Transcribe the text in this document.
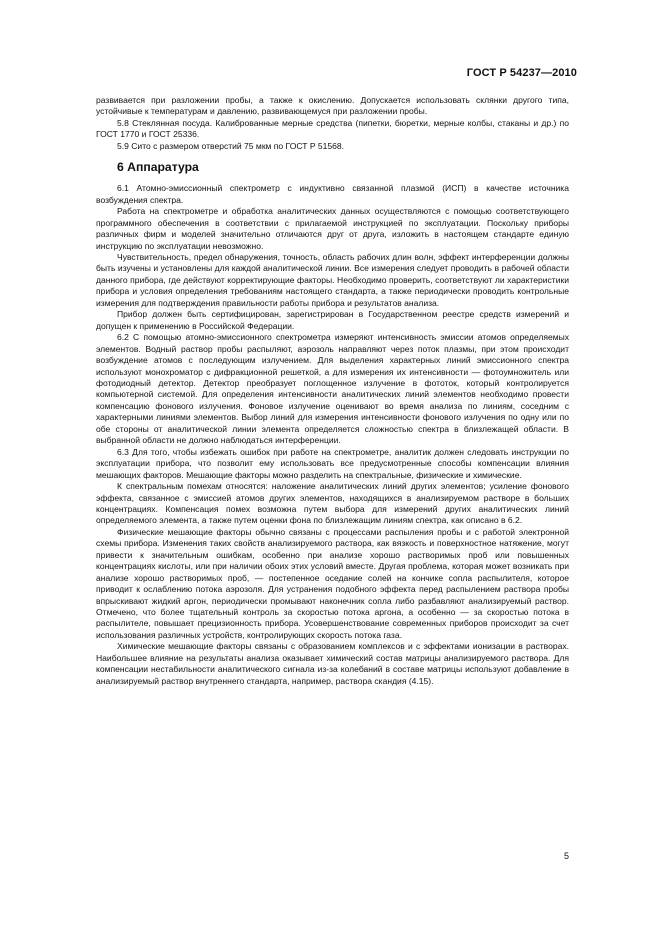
ГОСТ Р 54237—2010

развивается при разложении пробы, а также к окислению. Допускается использовать склянки другого типа, устойчивые к температурам и давлению, развивающемуся при разложении пробы.

5.8 Стеклянная посуда. Калиброванные мерные средства (пипетки, бюретки, мерные колбы, стаканы и др.) по ГОСТ 1770 и ГОСТ 25336.

5.9 Сито с размером отверстий 75 мкм по ГОСТ Р 51568.

6 Аппаратура

6.1 Атомно-эмиссионный спектрометр с индуктивно связанной плазмой (ИСП) в качестве источника возбуждения спектра.

Работа на спектрометре и обработка аналитических данных осуществляются с помощью соответствующего программного обеспечения в соответствии с прилагаемой инструкцией по эксплуатации. Поскольку приборы различных фирм и моделей значительно отличаются друг от друга, изложить в настоящем стандарте единую инструкцию по эксплуатации невозможно.

Чувствительность, предел обнаружения, точность, область рабочих длин волн, эффект интерференции должны быть изучены и установлены для каждой аналитической линии. Все измерения следует проводить в рабочей области данного прибора, где действуют корректирующие факторы. Необходимо проверить, соответствуют ли характеристики прибора и условия определения требованиям настоящего стандарта, а также периодически проводить контрольные измерения для подтверждения правильности работы прибора и результатов анализа.

Прибор должен быть сертифицирован, зарегистрирован в Государственном реестре средств измерений и допущен к применению в Российской Федерации.

6.2 С помощью атомно-эмиссионного спектрометра измеряют интенсивность эмиссии атомов определяемых элементов. Водный раствор пробы распыляют, аэрозоль направляют через поток плазмы, при этом происходит возбуждение атомов с последующим излучением. Для выделения характерных линий эмиссионного спектра используют монохроматор с дифракционной решеткой, а для измерения их интенсивности — фотоумножитель или фотодиодный детектор. Детектор преобразует поглощенное излучение в фототок, который контролируется компьютерной системой. Для определения интенсивности аналитических линий элементов необходимо провести компенсацию фонового излучения. Фоновое излучение оценивают во время анализа по линиям, соседним с характерными линиями элементов. Выбор линий для измерения интенсивности фонового излучения по одну или по обе стороны от аналитической линии элемента определяется сложностью спектра в близлежащей области. В выбранной области не должно наблюдаться интерференции.

6.3 Для того, чтобы избежать ошибок при работе на спектрометре, аналитик должен следовать инструкции по эксплуатации прибора, что позволит ему использовать все предусмотренные способы компенсации влияния мешающих факторов. Мешающие факторы можно разделить на спектральные, физические и химические.

К спектральным помехам относятся: наложение аналитических линий других элементов; усиление фонового эффекта, связанное с эмиссией атомов других элементов, находящихся в анализируемом растворе в больших концентрациях. Компенсация помех возможна путем выбора для измерений других аналитических линий определяемого элемента, а также путем оценки фона по близлежащим линиям спектра, как описано в 6.2.

Физические мешающие факторы обычно связаны с процессами распыления пробы и с работой электронной схемы прибора. Изменения таких свойств анализируемого раствора, как вязкость и поверхностное натяжение, могут привести к значительным ошибкам, особенно при анализе хорошо растворимых проб или повышенных концентрациях кислоты, или при наличии обоих этих условий вместе. Другая проблема, которая может возникать при анализе хорошо растворимых проб, — постепенное оседание солей на кончике сопла распылителя, которое приводит к ослаблению потока аэрозоля. Для устранения подобного эффекта перед распылением раствора пробы впрыскивают жидкий аргон, периодически промывают наконечник сопла либо разбавляют анализируемый раствор. Отмечено, что более тщательный контроль за скоростью потока аргона, а особенно — за скоростью потока в распылителе, повышает прецизионность прибора. Усовершенствование современных приборов происходит за счет использования различных устройств, контролирующих скорость потока газа.

Химические мешающие факторы связаны с образованием комплексов и с эффектами ионизации в растворах. Наибольшее влияние на результаты анализа оказывает химический состав матрицы анализируемого раствора. Для компенсации нестабильности аналитического сигнала из-за колебаний в составе матрицы используют добавление в анализируемый раствор внутреннего стандарта, например, раствора скандия (4.15).

5
